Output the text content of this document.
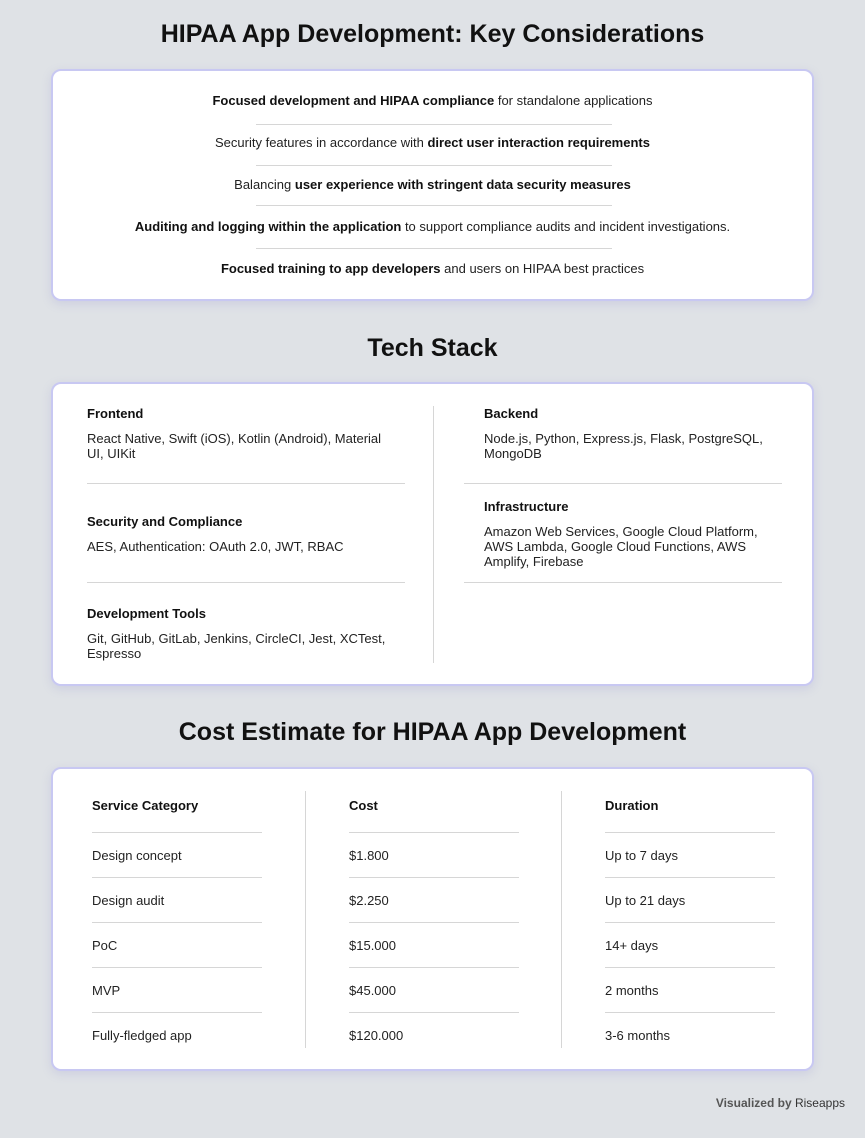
HIPAA App Development: Key Considerations
Focused development and HIPAA compliance for standalone applications
Security features in accordance with direct user interaction requirements
Balancing user experience with stringent data security measures
Auditing and logging within the application to support compliance audits and incident investigations.
Focused training to app developers and users on HIPAA best practices
Tech Stack
Frontend
React Native, Swift (iOS), Kotlin (Android), Material UI, UIKit
Security and Compliance
AES, Authentication: OAuth 2.0, JWT, RBAC
Development Tools
Git, GitHub, GitLab, Jenkins, CircleCI, Jest, XCTest, Espresso
Backend
Node.js, Python, Express.js, Flask, PostgreSQL, MongoDB
Infrastructure
Amazon Web Services, Google Cloud Platform, AWS Lambda, Google Cloud Functions, AWS Amplify, Firebase
Cost Estimate for HIPAA App Development
Service Category	Cost	Duration
Design concept	$1.800	Up to 7 days
Design audit	$2.250	Up to 21 days
PoC	$15.000	14+ days
MVP	$45.000	2 months
Fully-fledged app	$120.000	3-6 months
Visualized by Riseapps
